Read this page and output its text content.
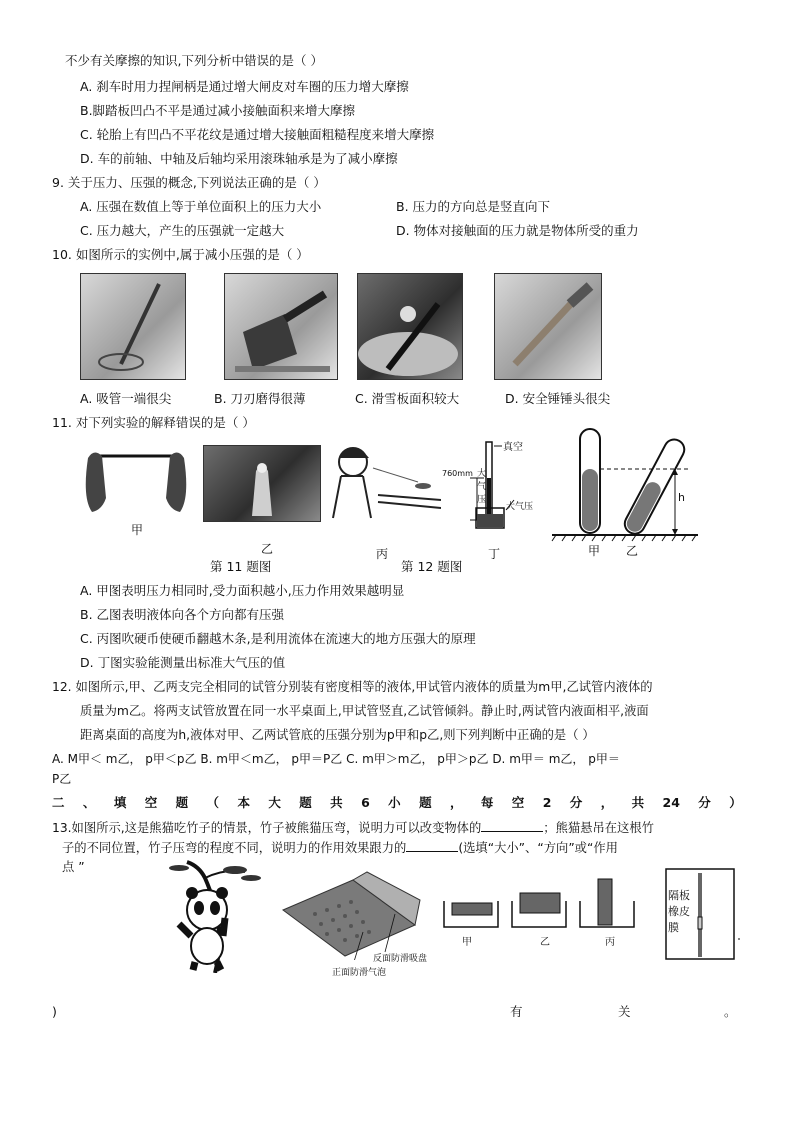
不少有关摩擦的知识,下列分析中错误的是（ ）
A. 刹车时用力捏闸柄是通过增大闸皮对车圈的压力增大摩擦
B.脚踏板凹凸不平是通过减小接触面积来增大摩擦
C. 轮胎上有凹凸不平花纹是通过增大接触面粗糙程度来增大摩擦
D. 车的前轴、中轴及后轴均采用滚珠轴承是为了减小摩擦
9. 关于压力、压强的概念,下列说法正确的是（ ）
A. 压强在数值上等于单位面积上的压力大小	B. 压力的方向总是竖直向下
C. 压力越大，产生的压强就一定越大	D. 物体对接触面的压力就是物体所受的重力
10. 如图所示的实例中,属于减小压强的是（ ）
A. 吸管一端很尖	B. 刀刃磨得很薄	C. 滑雪板面积较大	D. 安全锤锤头很尖
11. 对下列实验的解释错误的是（ ）
甲
乙	丙
真空
760mm 大
气
压
大气压
丁
h
甲 乙
第 11 题图	第 12 题图
A. 甲图表明压力相同时,受力面积越小,压力作用效果越明显
B. 乙图表明液体向各个方向都有压强
C. 丙图吹硬币使硬币翻越木条,是利用流体在流速大的地方压强大的原理
D. 丁图实验能测量出标准大气压的值
12. 如图所示,甲、乙两支完全相同的试管分别装有密度相等的液体,甲试管内液体的质量为m甲,乙试管内液体的
质量为m乙。将两支试管放置在同一水平桌面上,甲试管竖直,乙试管倾斜。静止时,两试管内液面相平,液面
距离桌面的高度为h,液体对甲、乙两试管底的压强分别为p甲和p乙,则下列判断中正确的是（ ）
A. M甲＜ m乙， p甲＜p乙 B. m甲＜m乙， p甲＝P乙 C. m甲＞m乙， p甲＞p乙 D. m甲＝ m乙， p甲＝
P乙
二 、 填 空 题 （ 本 大 题 共 6 小 题 ， 每 空 2 分 ， 共 24 分 ）
13.如图所示,这是熊猫吃竹子的情景，竹子被熊猫压弯，说明力可以改变物体的	；熊猫悬吊在这根竹
子的不同位置，竹子压弯的程度不同，说明力的作用效果跟力的	(选填“大小”、“方向”或“作用
点 ”
反面防滑吸盘
正面防滑气泡
甲	乙	丙
隔板
橡皮
膜
)	有	关	。
